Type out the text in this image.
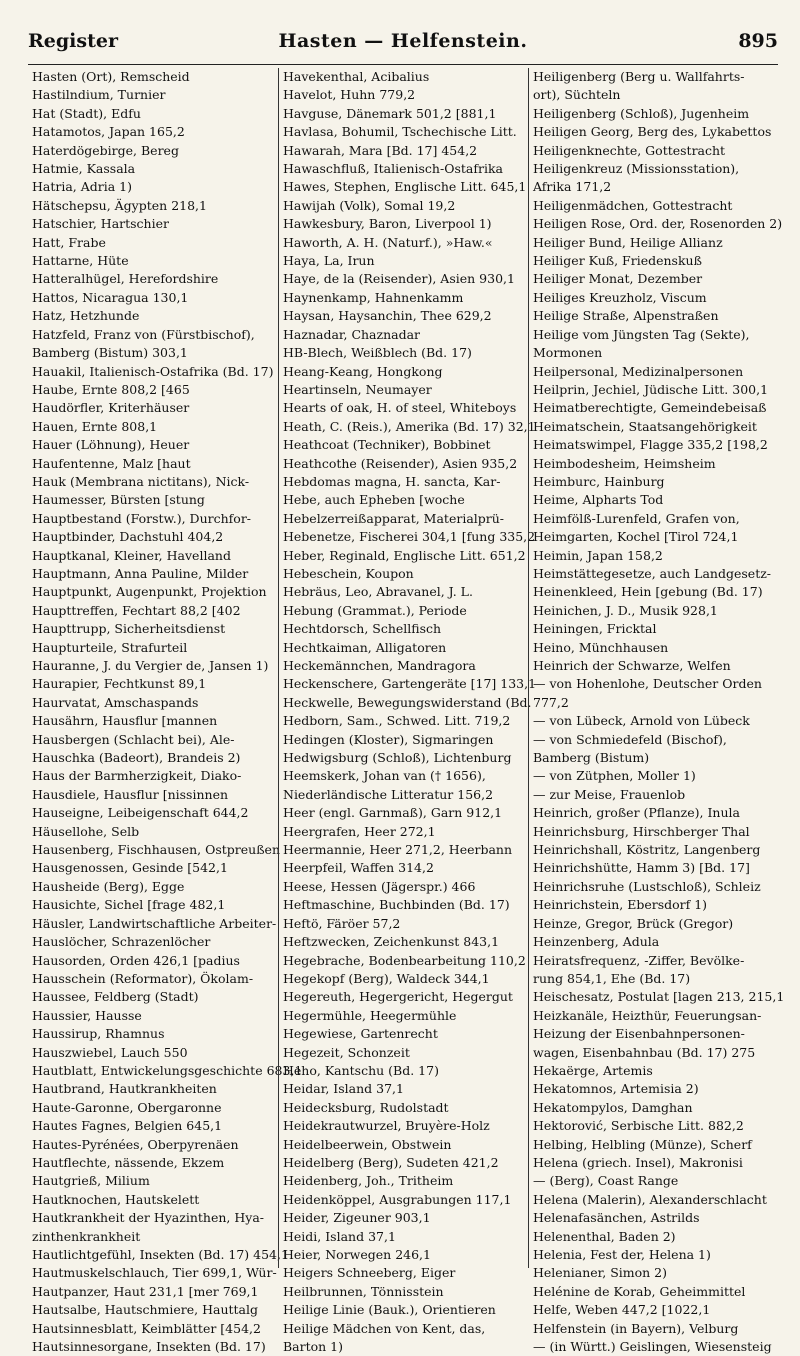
Register	Hasten — Helfenstein.	895
Hasten (Ort), Remscheid
Hastilndium, Turnier
Hat (Stadt), Edfu
Hatamotos, Japan 165,2
Haterdögebirge, Bereg
Hatmie, Kassala
Hatria, Adria 1)
Hätschepsu, Ägypten 218,1
Hatschier, Hartschier
Hatt, Frabe
Hattarne, Hüte
Hatteralhügel, Herefordshire
Hattos, Nicaragua 130,1
Hatz, Hetzhunde
Hatzfeld, Franz von (Fürstbischof),
Bamberg (Bistum) 303,1
Hauakil, Italienisch-Ostafrika (Bd. 17)
Haube, Ernte 808,2 [465
Haudörfler, Kriterhäuser
Hauen, Ernte 808,1
Hauer (Löhnung), Heuer
Haufentenne, Malz [haut
Hauk (Membrana nictitans), Nick-
Haumesser, Bürsten [stung
Hauptbestand (Forstw.), Durchfor-
Hauptbinder, Dachstuhl 404,2
Hauptkanal, Kleiner, Havelland
Hauptmann, Anna Pauline, Milder
Hauptpunkt, Augenpunkt, Projektion
Haupttreffen, Fechtart 88,2 [402
Haupttrupp, Sicherheitsdienst
Haupturteile, Strafurteil
Hauranne, J. du Vergier de, Jansen 1)
Haurapier, Fechtkunst 89,1
Haurvatat, Amschaspands
Hausährn, Hausflur [mannen
Hausbergen (Schlacht bei), Ale-
Hauschka (Badeort), Brandeis 2)
Haus der Barmherzigkeit, Diako-
Hausdiele, Hausflur [nissinnen
Hauseigne, Leibeigenschaft 644,2
Häusellohe, Selb
Hausenberg, Fischhausen, Ostpreußen
Hausgenossen, Gesinde [542,1
Hausheide (Berg), Egge
Hausichte, Sichel [frage 482,1
Häusler, Landwirtschaftliche Arbeiter-
Hauslöcher, Schrazenlöcher
Hausorden, Orden 426,1 [padius
Hausschein (Reformator), Ökolam-
Haussee, Feldberg (Stadt)
Haussier, Hausse
Haussirup, Rhamnus
Hauszwiebel, Lauch 550
Hautblatt, Entwickelungsgeschichte 683,1
Hautbrand, Hautkrankheiten
Haute-Garonne, Obergaronne
Hautes Fagnes, Belgien 645,1
Hautes-Pyrénées, Oberpyrenäen
Hautflechte, nässende, Ekzem
Hautgrieß, Milium
Hautknochen, Hautskelett
Hautkrankheit der Hyazinthen, Hya-
zinthenkrankheit
Hautlichtgefühl, Insekten (Bd. 17) 454,1
Hautmuskelschlauch, Tier 699,1, Wür-
Hautpanzer, Haut 231,1 [mer 769,1
Hautsalbe, Hautschmiere, Hauttalg
Hautsinnesblatt, Keimblätter [454,2
Hautsinnesorgane, Insekten (Bd. 17)
Havekenthal, Acibalius
Havelot, Huhn 779,2
Havguse, Dänemark 501,2 [881,1
Havlasa, Bohumil, Tschechische Litt.
Hawarah, Mara [Bd. 17] 454,2
Hawaschfluß, Italienisch-Ostafrika
Hawes, Stephen, Englische Litt. 645,1
Hawijah (Volk), Somal 19,2
Hawkesbury, Baron, Liverpool 1)
Haworth, A. H. (Naturf.), »Haw.«
Haya, La, Irun
Haye, de la (Reisender), Asien 930,1
Haynenkamp, Hahnenkamm
Haysan, Haysanchin, Thee 629,2
Haznadar, Chaznadar
HB-Blech, Weißblech (Bd. 17)
Heang-Keang, Hongkong
Heartinseln, Neumayer
Hearts of oak, H. of steel, Whiteboys
Heath, C. (Reis.), Amerika (Bd. 17) 32,1
Heathcoat (Techniker), Bobbinet
Heathcothe (Reisender), Asien 935,2
Hebdomas magna, H. sancta, Kar-
Hebe, auch Epheben [woche
Hebelzerreißapparat, Materialprü-
Hebenetze, Fischerei 304,1 [fung 335,2
Heber, Reginald, Englische Litt. 651,2
Hebeschein, Koupon
Hebräus, Leo, Abravanel, J. L.
Hebung (Grammat.), Periode
Hechtdorsch, Schellfisch
Hechtkaiman, Alligatoren
Heckemännchen, Mandragora
Heckenschere, Gartengeräte [17] 133,1
Heckwelle, Bewegungswiderstand (Bd.
Hedborn, Sam., Schwed. Litt. 719,2
Hedingen (Kloster), Sigmaringen
Hedwigsburg (Schloß), Lichtenburg
Heemskerk, Johan van († 1656),
Niederländische Litteratur 156,2
Heer (engl. Garnmaß), Garn 912,1
Heergrafen, Heer 272,1
Heermannie, Heer 271,2, Heerbann
Heerpfeil, Waffen 314,2
Heese, Hessen (Jägerspr.) 466
Heftmaschine, Buchbinden (Bd. 17)
Heftö, Färöer 57,2
Heftzwecken, Zeichenkunst 843,1
Hegebrache, Bodenbearbeitung 110,2
Hegekopf (Berg), Waldeck 344,1
Hegereuth, Hegergericht, Hegergut
Hegermühle, Heegermühle
Hegewiese, Gartenrecht
Hegezeit, Schonzeit
Heho, Kantschu (Bd. 17)
Heidar, Island 37,1
Heidecksburg, Rudolstadt
Heidekrautwurzel, Bruyère-Holz
Heidelbeerwein, Obstwein
Heidelberg (Berg), Sudeten 421,2
Heidenberg, Joh., Tritheim
Heidenköppel, Ausgrabungen 117,1
Heider, Zigeuner 903,1
Heidi, Island 37,1
Heier, Norwegen 246,1
Heigers Schneeberg, Eiger
Heilbrunnen, Tönnisstein
Heilige Linie (Bauk.), Orientieren
Heilige Mädchen von Kent, das,
Barton 1)
Heiligenberg (Berg u. Wallfahrts-
ort), Süchteln
Heiligenberg (Schloß), Jugenheim
Heiligen Georg, Berg des, Lykabettos
Heiligenknechte, Gottestracht
Heiligenkreuz (Missionsstation),
Afrika 171,2
Heiligenmädchen, Gottestracht
Heiligen Rose, Ord. der, Rosenorden 2)
Heiliger Bund, Heilige Allianz
Heiliger Kuß, Friedenskuß
Heiliger Monat, Dezember
Heiliges Kreuzholz, Viscum
Heilige Straße, Alpenstraßen
Heilige vom Jüngsten Tag (Sekte),
Mormonen
Heilpersonal, Medizinalpersonen
Heilprin, Jechiel, Jüdische Litt. 300,1
Heimatberechtigte, Gemeindebeisaß
Heimatschein, Staatsangehörigkeit
Heimatswimpel, Flagge 335,2 [198,2
Heimbodesheim, Heimsheim
Heimburc, Hainburg
Heime, Alpharts Tod
Heimfölß-Lurenfeld, Grafen von,
Heimgarten, Kochel [Tirol 724,1
Heimin, Japan 158,2
Heimstättegesetze, auch Landgesetz-
Heinenkleed, Hein [gebung (Bd. 17)
Heinichen, J. D., Musik 928,1
Heiningen, Fricktal
Heino, Münchhausen
Heinrich der Schwarze, Welfen
— von Hohenlohe, Deutscher Orden
777,2
— von Lübeck, Arnold von Lübeck
— von Schmiedefeld (Bischof),
Bamberg (Bistum)
— von Zütphen, Moller 1)
— zur Meise, Frauenlob
Heinrich, großer (Pflanze), Inula
Heinrichsburg, Hirschberger Thal
Heinrichshall, Köstritz, Langenberg
Heinrichshütte, Hamm 3) [Bd. 17]
Heinrichsruhe (Lustschloß), Schleiz
Heinrichstein, Ebersdorf 1)
Heinze, Gregor, Brück (Gregor)
Heinzenberg, Adula
Heiratsfrequenz, -Ziffer, Bevölke-
rung 854,1, Ehe (Bd. 17)
Heischesatz, Postulat [lagen 213, 215,1
Heizkanäle, Heizthür, Feuerungsan-
Heizung der Eisenbahnpersonen-
wagen, Eisenbahnbau (Bd. 17) 275
Hekaërge, Artemis
Hekatomnos, Artemisia 2)
Hekatompylos, Damghan
Hektorović, Serbische Litt. 882,2
Helbing, Helbling (Münze), Scherf
Helena (griech. Insel), Makronisi
— (Berg), Coast Range
Helena (Malerin), Alexanderschlacht
Helenafasänchen, Astrilds
Helenenthal, Baden 2)
Helenia, Fest der, Helena 1)
Helenianer, Simon 2)
Helénine de Korab, Geheimmittel
Helfe, Weben 447,2 [1022,1
Helfenstein (in Bayern), Velburg
— (in Württ.) Geislingen, Wiesensteig
